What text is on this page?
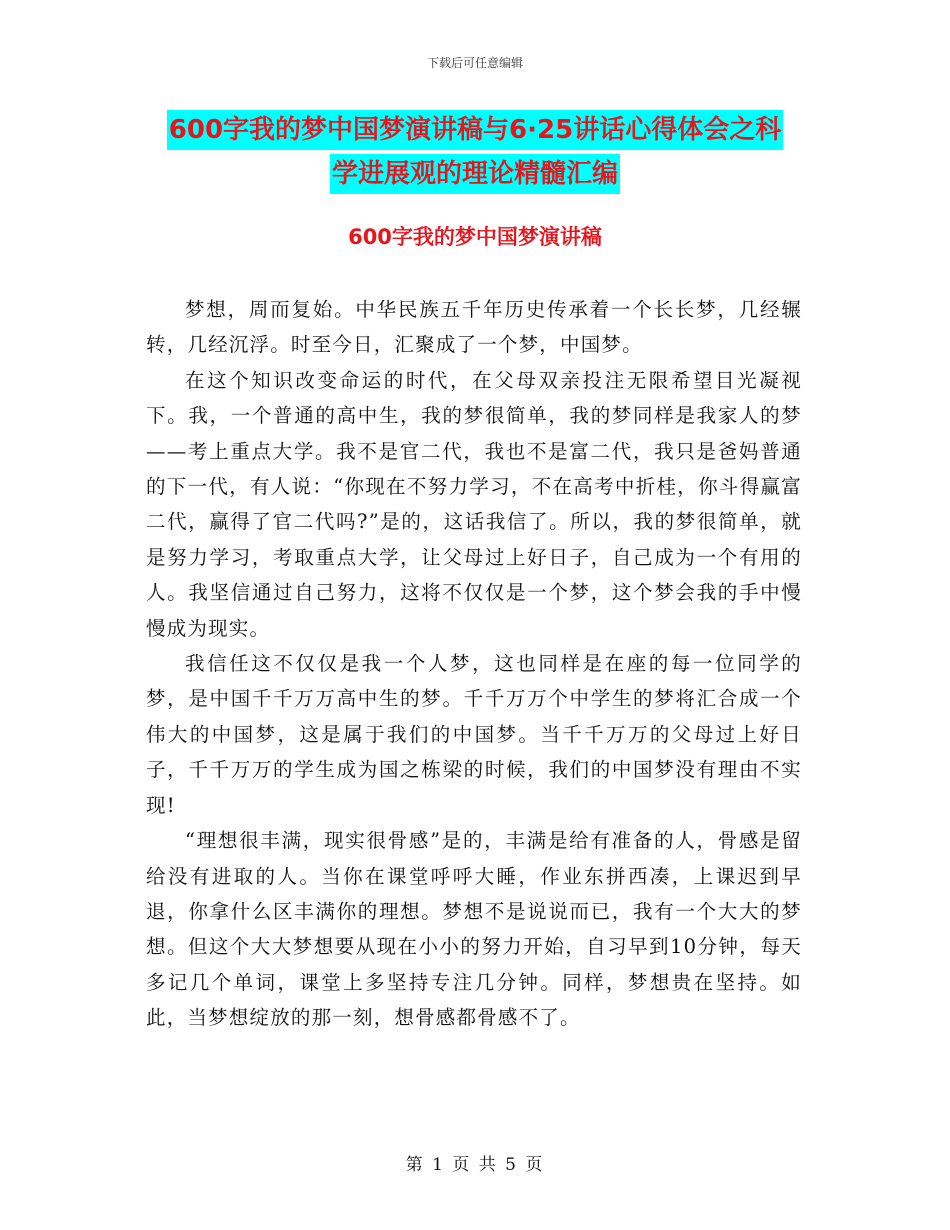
下载后可任意编辑
600字我的梦中国梦演讲稿与6·25讲话心得体会之科
学进展观的理论精髓汇编
600字我的梦中国梦演讲稿

梦想，周而复始。中华民族五千年历史传承着一个长长梦，几经辗转，几经沉浮。时至今日，汇聚成了一个梦，中国梦。

在这个知识改变命运的时代，在父母双亲投注无限希望目光凝视下。我，一个普通的高中生，我的梦很简单，我的梦同样是我家人的梦——考上重点大学。我不是官二代，我也不是富二代，我只是爸妈普通的下一代，有人说：“你现在不努力学习，不在高考中折桂，你斗得赢富二代，赢得了官二代吗?”是的，这话我信了。所以，我的梦很简单，就是努力学习，考取重点大学，让父母过上好日子，自己成为一个有用的人。我坚信通过自己努力，这将不仅仅是一个梦，这个梦会我的手中慢慢成为现实。

我信任这不仅仅是我一个人梦，这也同样是在座的每一位同学的梦，是中国千千万万高中生的梦。千千万万个中学生的梦将汇合成一个伟大的中国梦，这是属于我们的中国梦。当千千万万的父母过上好日子，千千万万的学生成为国之栋梁的时候，我们的中国梦没有理由不实现!

“理想很丰满，现实很骨感”是的，丰满是给有准备的人，骨感是留给没有进取的人。当你在课堂呼呼大睡，作业东拼西凑，上课迟到早退，你拿什么区丰满你的理想。梦想不是说说而已，我有一个大大的梦想。但这个大大梦想要从现在小小的努力开始，自习早到10分钟，每天多记几个单词，课堂上多坚持专注几分钟。同样，梦想贵在坚持。如此，当梦想绽放的那一刻，想骨感都骨感不了。

第 1 页 共 5 页
